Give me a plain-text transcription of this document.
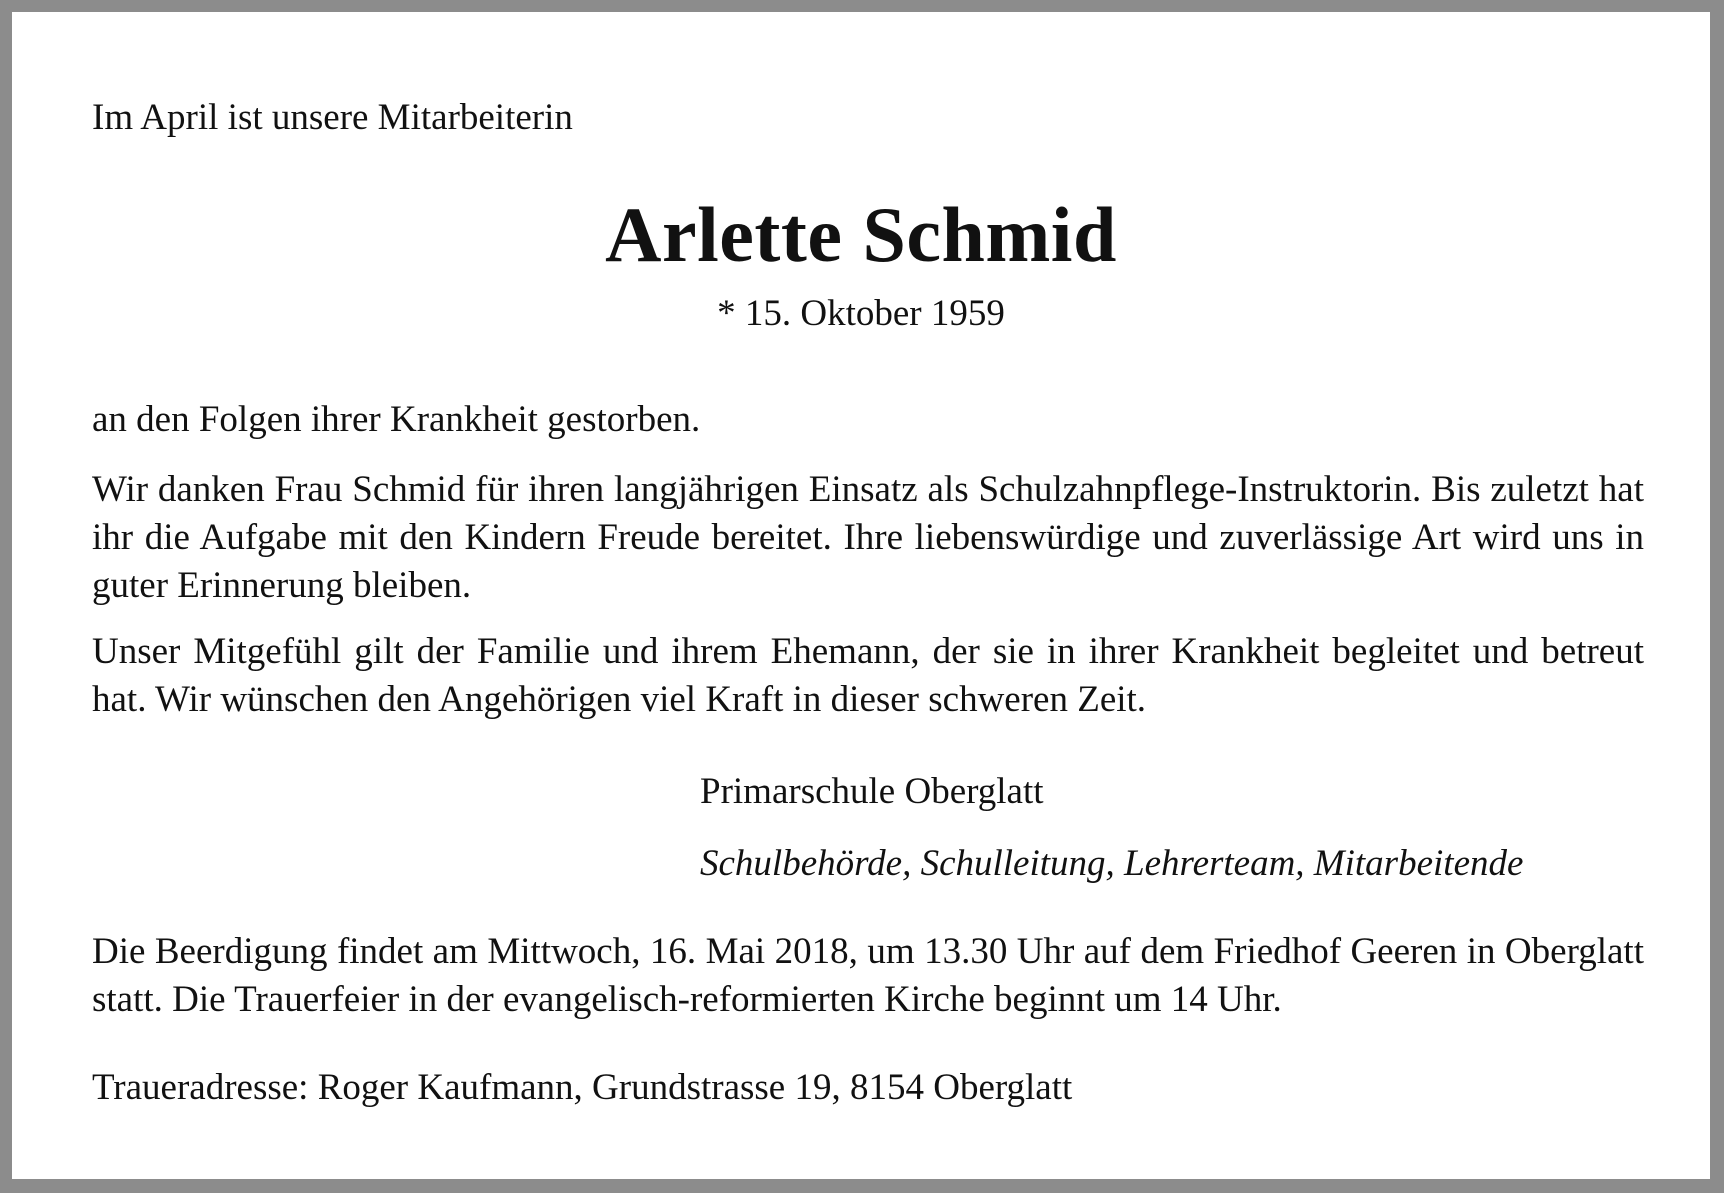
Im April ist unsere Mitarbeiterin

Arlette Schmid

* 15. Oktober 1959

an den Folgen ihrer Krankheit gestorben.

Wir danken Frau Schmid für ihren langjährigen Einsatz als Schulzahnpflege-Instruktorin. Bis zuletzt hat ihr die Aufgabe mit den Kindern Freude bereitet. Ihre liebenswürdige und zuverlässige Art wird uns in guter Erinnerung bleiben.

Unser Mitgefühl gilt der Familie und ihrem Ehemann, der sie in ihrer Krankheit begleitet und betreut hat. Wir wünschen den Angehörigen viel Kraft in dieser schweren Zeit.

Primarschule Oberglatt

Schulbehörde, Schulleitung, Lehrerteam, Mitarbeitende

Die Beerdigung findet am Mittwoch, 16. Mai 2018, um 13.30 Uhr auf dem Friedhof Geeren in Oberglatt statt. Die Trauerfeier in der evangelisch-reformierten Kirche beginnt um 14 Uhr.

Traueradresse: Roger Kaufmann, Grundstrasse 19, 8154 Oberglatt
